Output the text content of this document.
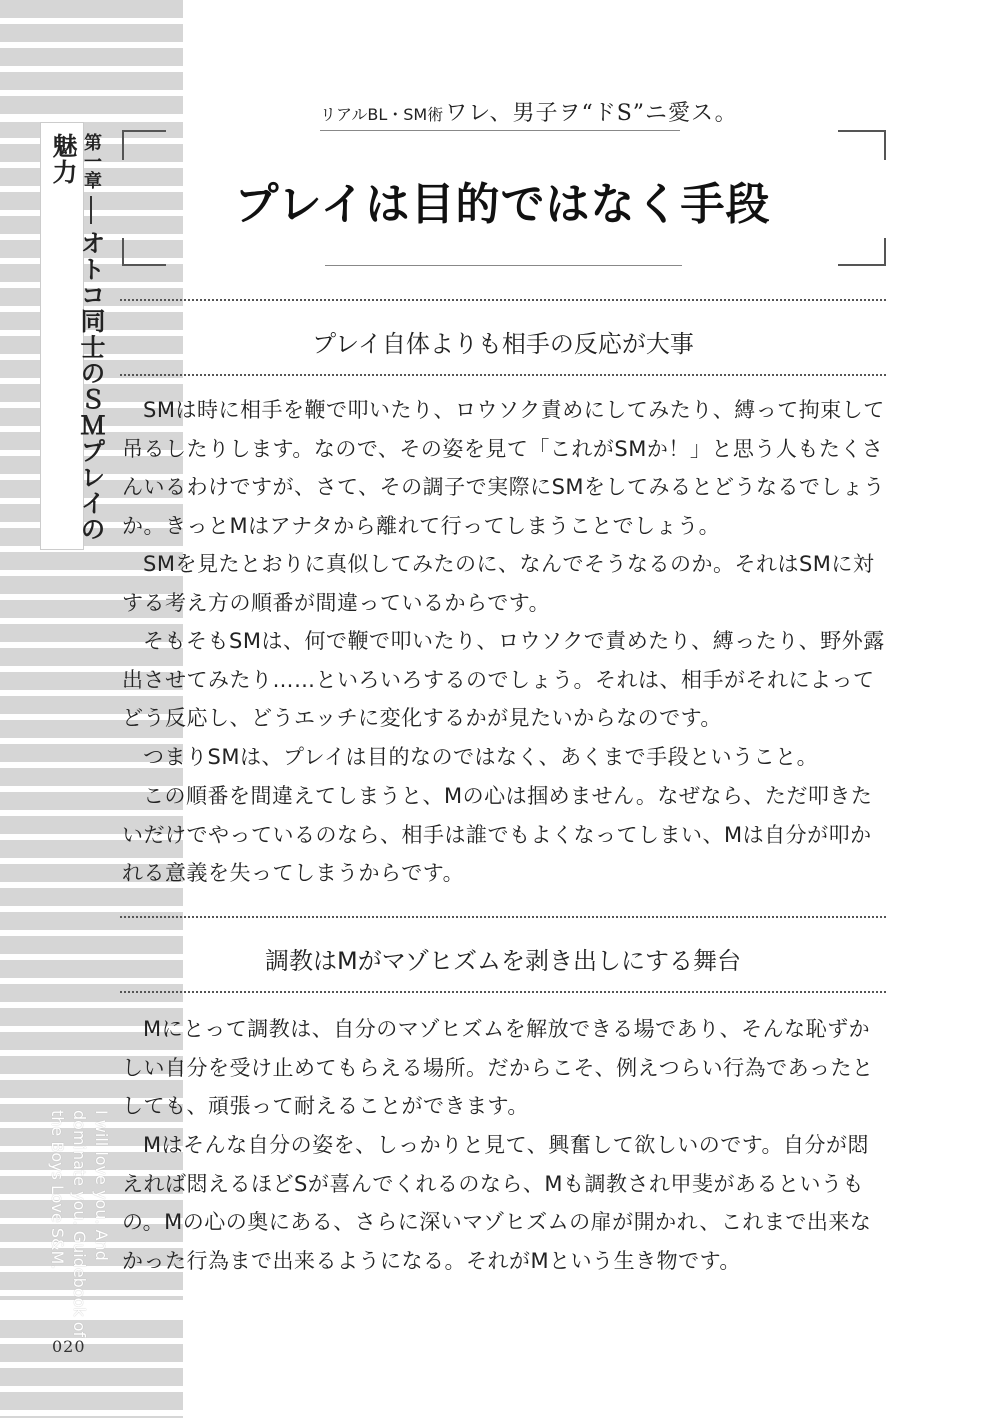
第一章オトコ同士のＳＭプレイの魅力
I will love you. And dominate you. Guidebook of the Boys Love S&M.
020
リアルBL・SM術ワレ、男子ヲ“ドS”ニ愛ス。
プレイは目的ではなく手段
プレイ自体よりも相手の反応が大事

SMは時に相手を鞭で叩いたり、ロウソク責めにしてみたり、縛って拘束して吊るしたりします。なので、その姿を見て「これがSMか！」と思う人もたくさんいるわけですが、さて、その調子で実際にSMをしてみるとどうなるでしょうか。きっとMはアナタから離れて行ってしまうことでしょう。

SMを見たとおりに真似してみたのに、なんでそうなるのか。それはSMに対する考え方の順番が間違っているからです。

そもそもSMは、何で鞭で叩いたり、ロウソクで責めたり、縛ったり、野外露出させてみたり……といろいろするのでしょう。それは、相手がそれによってどう反応し、どうエッチに変化するかが見たいからなのです。

つまりSMは、プレイは目的なのではなく、あくまで手段ということ。

この順番を間違えてしまうと、Mの心は掴めません。なぜなら、ただ叩きたいだけでやっているのなら、相手は誰でもよくなってしまい、Mは自分が叩かれる意義を失ってしまうからです。

調教はMがマゾヒズムを剥き出しにする舞台

Mにとって調教は、自分のマゾヒズムを解放できる場であり、そんな恥ずかしい自分を受け止めてもらえる場所。だからこそ、例えつらい行為であったとしても、頑張って耐えることができます。

Mはそんな自分の姿を、しっかりと見て、興奮して欲しいのです。自分が悶えれば悶えるほどSが喜んでくれるのなら、Mも調教され甲斐があるというもの。Mの心の奥にある、さらに深いマゾヒズムの扉が開かれ、これまで出来なかった行為まで出来るようになる。それがMという生き物です。
